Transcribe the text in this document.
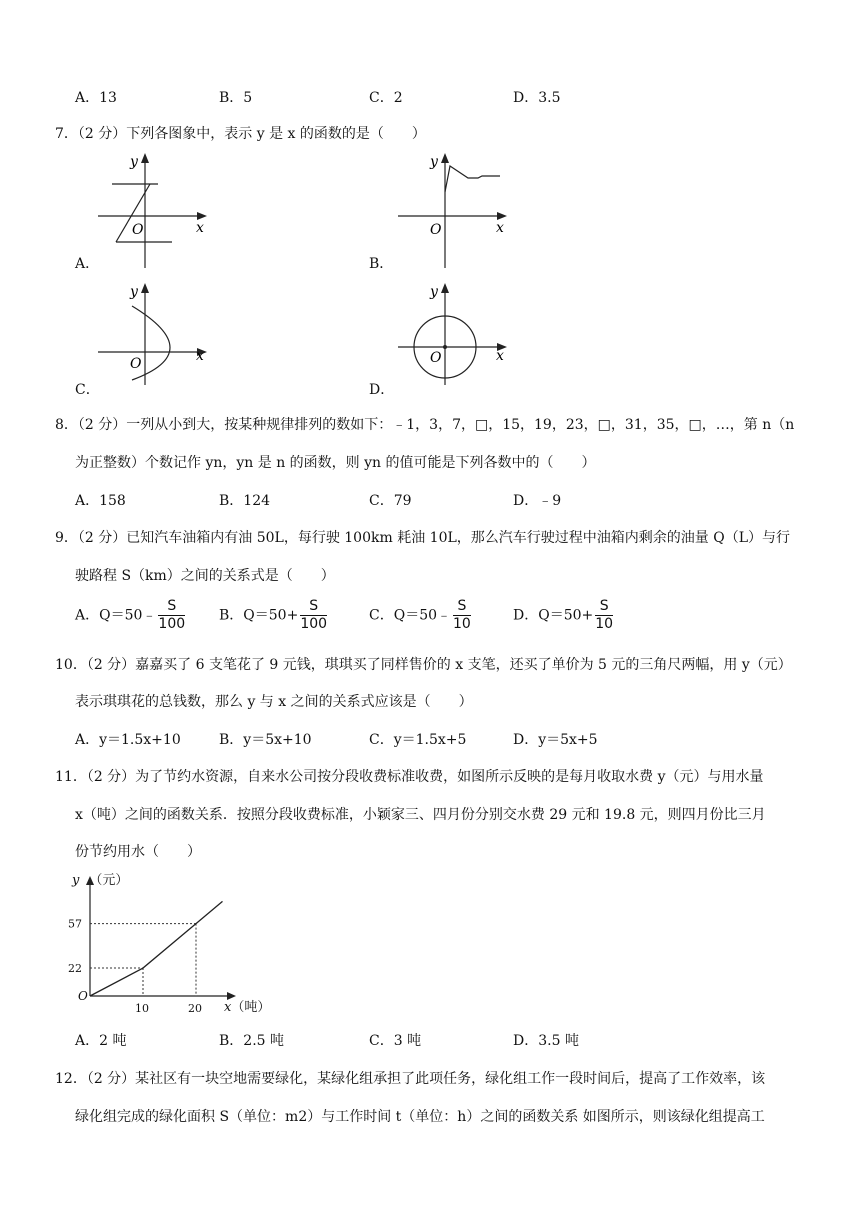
A．13	B．5	C．2	D．3.5
7．（2 分）下列各图象中，表示 y 是 x 的函数的是（　　）
y
x
O
A．
y
x
O
B．
y
x
O
C．
y
x
O
D．
8．（2 分）一列从小到大，按某种规律排列的数如下：﹣1，3，7，□，15，19，23，□，31，35，□，…，第 n（n
为正整数）个数记作 yn，yn 是 n 的函数，则 yn 的值可能是下列各数中的（　　）
A．158	B．124	C．79	D．﹣9
9．（2 分）已知汽车油箱内有油 50L，每行驶 100km 耗油 10L，那么汽车行驶过程中油箱内剩余的油量 Q（L）与行
驶路程 S（km）之间的关系式是（　　）
A．Q＝50﹣ $\frac{S}{100}$ B．$Q=50+ \frac{S}{100}$	C．Q＝50﹣ $\frac{S}{10}$	D．$Q=50+ \frac{S}{10}$
10．（2 分）嘉嘉买了 6 支笔花了 9 元钱，琪琪买了同样售价的 x 支笔，还买了单价为 5 元的三角尺两幅，用 y（元）
表示琪琪花的总钱数，那么 y 与 x 之间的关系式应该是（　　）
A．y＝1.5x+10	B．y＝5x+10	C．y＝1.5x+5	D．y＝5x+5
11．（2 分）为了节约水资源，自来水公司按分段收费标准收费，如图所示反映的是每月收取水费 y（元）与用水量
x（吨）之间的函数关系．按照分段收费标准，小颖家三、四月份分别交水费 29 元和 19.8 元，则四月份比三月
份节约用水（　　）
22
57
10	20
O
y （元）
x（吨）
A．2 吨	B．2.5 吨	C．3 吨	D．3.5 吨
12．（2 分）某社区有一块空地需要绿化，某绿化组承担了此项任务，绿化组工作一段时间后，提高了工作效率，该
绿化组完成的绿化面积 S（单位：m2）与工作时间 t（单位：h）之间的函数关系 如图所示，则该绿化组提高工
